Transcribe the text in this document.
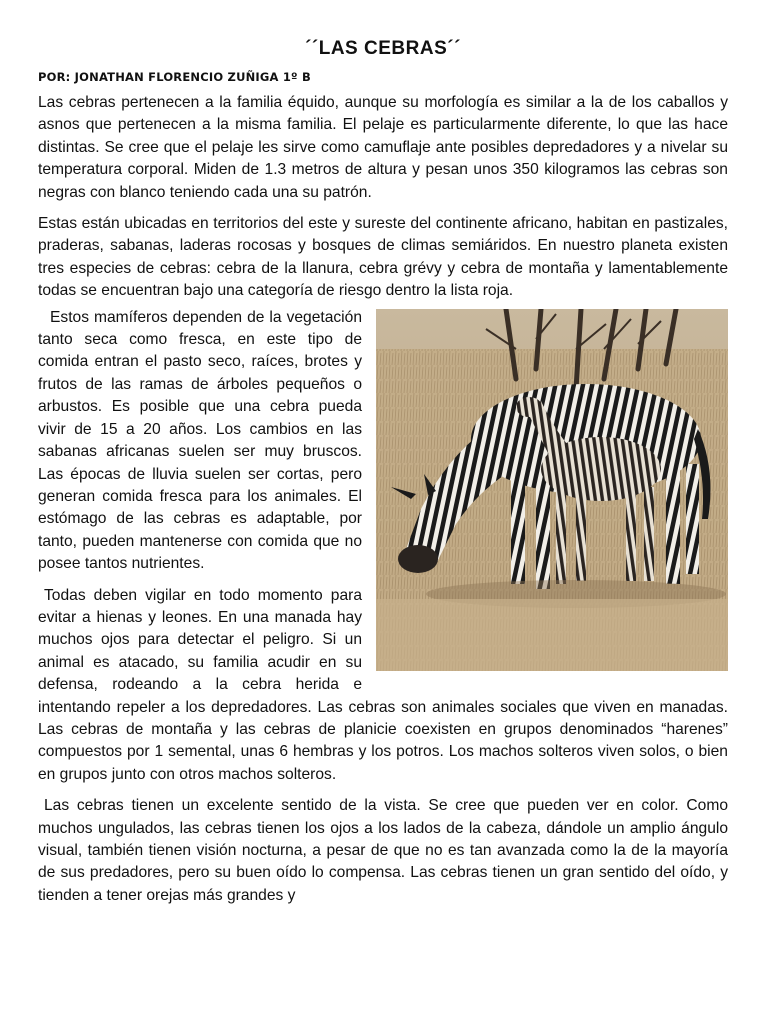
´´LAS CEBRAS´´
POR: JONATHAN FLORENCIO ZUÑIGA 1º B

Las cebras pertenecen a la familia équido, aunque su morfología es similar a la de los caballos y asnos que pertenecen a la misma familia. El pelaje es particularmente diferente, lo que las hace distintas. Se cree que el pelaje les sirve como camuflaje ante posibles depredadores y a nivelar su temperatura corporal. Miden de 1.3 metros de altura y pesan unos 350 kilogramos las cebras son negras con blanco teniendo cada una su patrón.

Estas están ubicadas en territorios del este y sureste del continente africano, habitan en pastizales, praderas, sabanas, laderas rocosas y bosques de climas semiáridos. En nuestro planeta existen tres especies de cebras: cebra de la llanura, cebra grévy y cebra de montaña y lamentablemente todas se encuentran bajo una categoría de riesgo dentro la lista roja.

Estos mamíferos dependen de la vegetación tanto seca como fresca, en este tipo de comida entran el pasto seco, raíces, brotes y frutos de las ramas de árboles pequeños o arbustos. Es posible que una cebra pueda vivir de 15 a 20 años. Los cambios en las sabanas africanas suelen ser muy bruscos. Las épocas de lluvia suelen ser cortas, pero generan comida fresca para los animales. El estómago de las cebras es adaptable, por tanto, pueden mantenerse con comida que no posee tantos nutrientes.

Todas deben vigilar en todo momento para evitar a hienas y leones. En una manada hay muchos ojos para detectar el peligro. Si un animal es atacado, su familia acudir en su defensa, rodeando a la cebra herida e intentando repeler a los depredadores. Las cebras son animales sociales que viven en manadas. Las cebras de montaña y las cebras de planicie coexisten en grupos denominados “harenes” compuestos por 1 semental, unas 6 hembras y los potros. Los machos solteros viven solos, o bien en grupos junto con otros machos solteros.

Las cebras tienen un excelente sentido de la vista. Se cree que pueden ver en color. Como muchos ungulados, las cebras tienen los ojos a los lados de la cabeza, dándole un amplio ángulo visual, también tienen visión nocturna, a pesar de que no es tan avanzada como la de la mayoría de sus predadores, pero su buen oído lo compensa. Las cebras tienen un gran sentido del oído, y tienden a tener orejas más grandes y
